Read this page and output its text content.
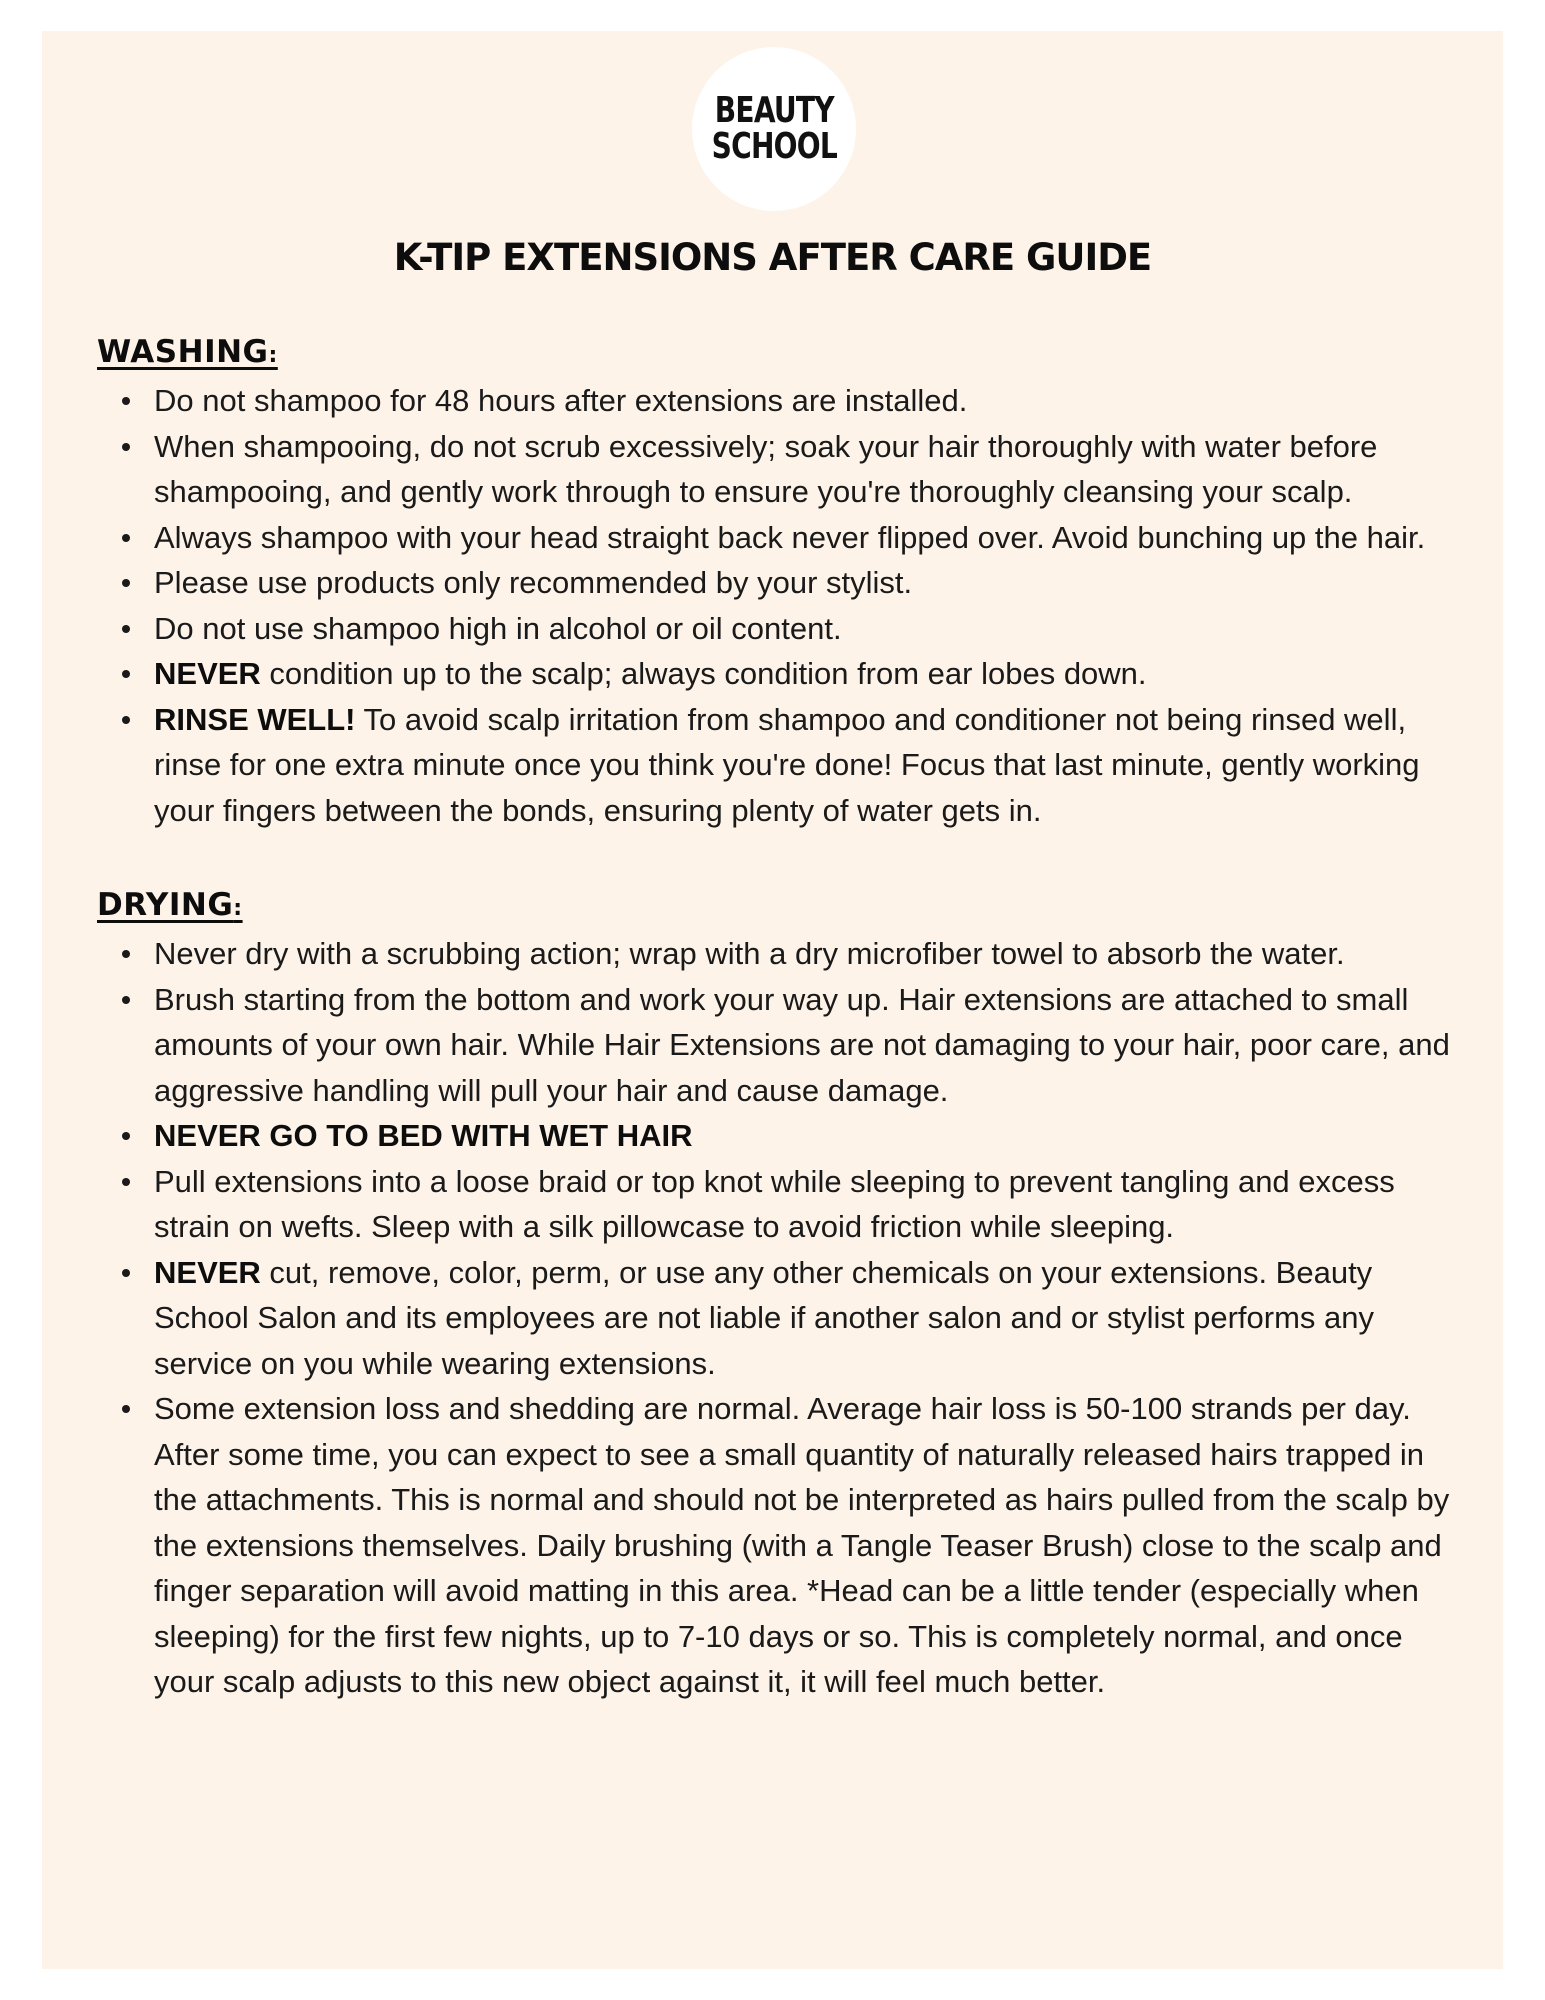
BEAUTY
SCHOOL
K-TIP EXTENSIONS AFTER CARE GUIDE
WASHING:
Do not shampoo for 48 hours after extensions are installed.
When shampooing, do not scrub excessively; soak your hair thoroughly with water before shampooing, and gently work through to ensure you're thoroughly cleansing your scalp.
Always shampoo with your head straight back never flipped over. Avoid bunching up the hair.
Please use products only recommended by your stylist.
Do not use shampoo high in alcohol or oil content.
NEVER condition up to the scalp; always condition from ear lobes down.
RINSE WELL! To avoid scalp irritation from shampoo and conditioner not being rinsed well, rinse for one extra minute once you think you're done! Focus that last minute, gently working your fingers between the bonds, ensuring plenty of water gets in.
DRYING:
Never dry with a scrubbing action; wrap with a dry microfiber towel to absorb the water.
Brush starting from the bottom and work your way up. Hair extensions are attached to small amounts of your own hair. While Hair Extensions are not damaging to your hair, poor care, and aggressive handling will pull your hair and cause damage.
NEVER GO TO BED WITH WET HAIR
Pull extensions into a loose braid or top knot while sleeping to prevent tangling and excess strain on wefts. Sleep with a silk pillowcase to avoid friction while sleeping.
NEVER cut, remove, color, perm, or use any other chemicals on your extensions. Beauty School Salon and its employees are not liable if another salon and or stylist performs any service on you while wearing extensions.
Some extension loss and shedding are normal. Average hair loss is 50-100 strands per day. After some time, you can expect to see a small quantity of naturally released hairs trapped in the attachments. This is normal and should not be interpreted as hairs pulled from the scalp by the extensions themselves. Daily brushing (with a Tangle Teaser Brush) close to the scalp and finger separation will avoid matting in this area. *Head can be a little tender (especially when sleeping) for the first few nights, up to 7-10 days or so. This is completely normal, and once your scalp adjusts to this new object against it, it will feel much better.
